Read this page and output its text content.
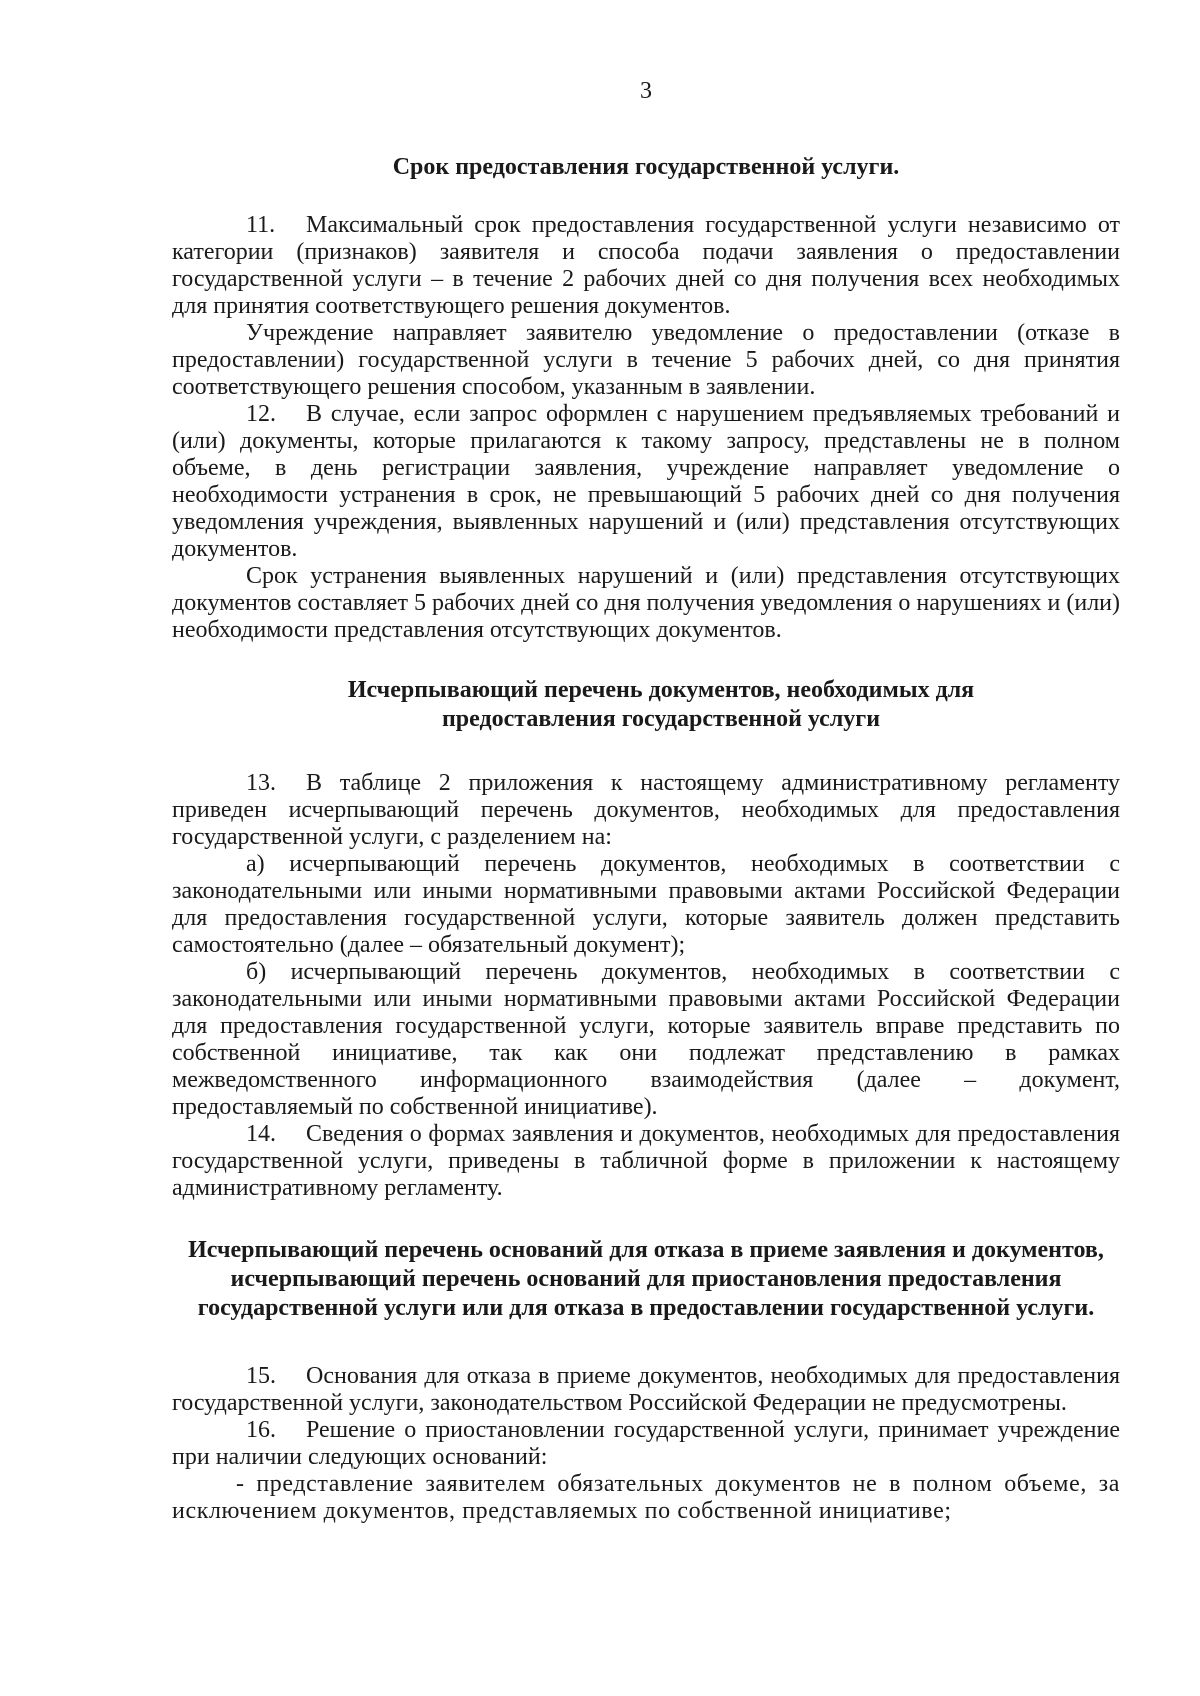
3
Срок предоставления государственной услуги.

11. Максимальный срок предоставления государственной услуги независимо от категории (признаков) заявителя и способа подачи заявления о предоставлении государственной услуги – в течение 2 рабочих дней со дня получения всех необходимых для принятия соответствующего решения документов.

Учреждение направляет заявителю уведомление о предоставлении (отказе в предоставлении) государственной услуги в течение 5 рабочих дней, со дня принятия соответствующего решения способом, указанным в заявлении.

12. В случае, если запрос оформлен с нарушением предъявляемых требований и (или) документы, которые прилагаются к такому запросу, представлены не в полном объеме, в день регистрации заявления, учреждение направляет уведомление о необходимости устранения в срок, не превышающий 5 рабочих дней со дня получения уведомления учреждения, выявленных нарушений и (или) представления отсутствующих документов.

Срок устранения выявленных нарушений и (или) представления отсутствующих документов составляет 5 рабочих дней со дня получения уведомления о нарушениях и (или) необходимости представления отсутствующих документов.

Исчерпывающий перечень документов, необходимых для
предоставления государственной услуги

13. В таблице 2 приложения к настоящему административному регламенту приведен исчерпывающий перечень документов, необходимых для предоставления государственной услуги, с разделением на:

а) исчерпывающий перечень документов, необходимых в соответствии с законодательными или иными нормативными правовыми актами Российской Федерации для предоставления государственной услуги, которые заявитель должен представить самостоятельно (далее – обязательный документ);

б) исчерпывающий перечень документов, необходимых в соответствии с законодательными или иными нормативными правовыми актами Российской Федерации для предоставления государственной услуги, которые заявитель вправе представить по собственной инициативе, так как они подлежат представлению в рамках межведомственного информационного взаимодействия (далее – документ, предоставляемый по собственной инициативе).

14. Сведения о формах заявления и документов, необходимых для предоставления государственной услуги, приведены в табличной форме в приложении к настоящему административному регламенту.

Исчерпывающий перечень оснований для отказа в приеме заявления и документов,
исчерпывающий перечень оснований для приостановления предоставления
государственной услуги или для отказа в предоставлении государственной услуги.

15. Основания для отказа в приеме документов, необходимых для предоставления государственной услуги, законодательством Российской Федерации не предусмотрены.

16. Решение о приостановлении государственной услуги, принимает учреждение при наличии следующих оснований:

- представление заявителем обязательных документов не в полном объеме, за исключением документов, представляемых по собственной инициативе;
